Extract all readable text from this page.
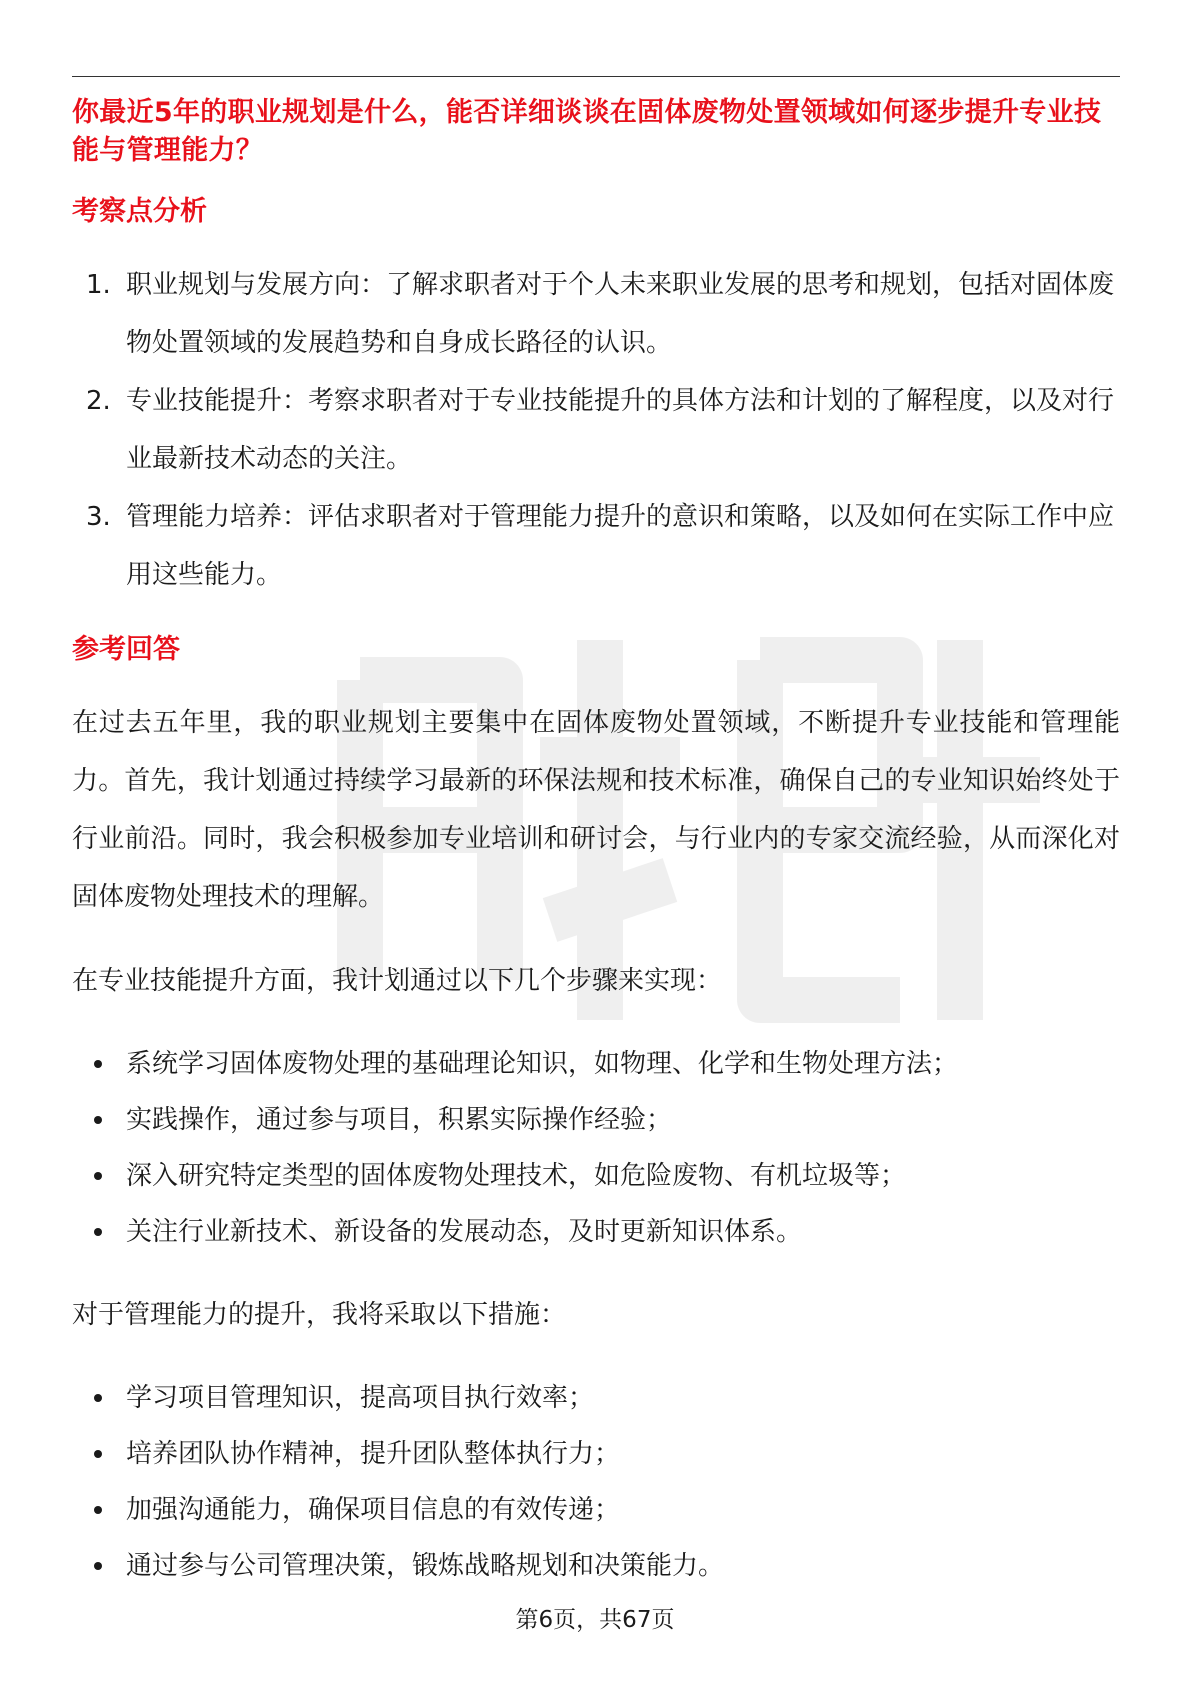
你最近5年的职业规划是什么，能否详细谈谈在固体废物处置领域如何逐步提升专业技能与管理能力？
考察点分析
1. 职业规划与发展方向：了解求职者对于个人未来职业发展的思考和规划，包括对固体废物处置领域的发展趋势和自身成长路径的认识。
2. 专业技能提升：考察求职者对于专业技能提升的具体方法和计划的了解程度，以及对行业最新技术动态的关注。
3. 管理能力培养：评估求职者对于管理能力提升的意识和策略，以及如何在实际工作中应用这些能力。
参考回答

在过去五年里，我的职业规划主要集中在固体废物处置领域，不断提升专业技能和管理能力。首先，我计划通过持续学习最新的环保法规和技术标准，确保自己的专业知识始终处于行业前沿。同时，我会积极参加专业培训和研讨会，与行业内的专家交流经验，从而深化对固体废物处理技术的理解。

在专业技能提升方面，我计划通过以下几个步骤来实现：

系统学习固体废物处理的基础理论知识，如物理、化学和生物处理方法；
实践操作，通过参与项目，积累实际操作经验；
深入研究特定类型的固体废物处理技术，如危险废物、有机垃圾等；
关注行业新技术、新设备的发展动态，及时更新知识体系。

对于管理能力的提升，我将采取以下措施：

学习项目管理知识，提高项目执行效率；
培养团队协作精神，提升团队整体执行力；
加强沟通能力，确保项目信息的有效传递；
通过参与公司管理决策，锻炼战略规划和决策能力。
第6页，共67页
